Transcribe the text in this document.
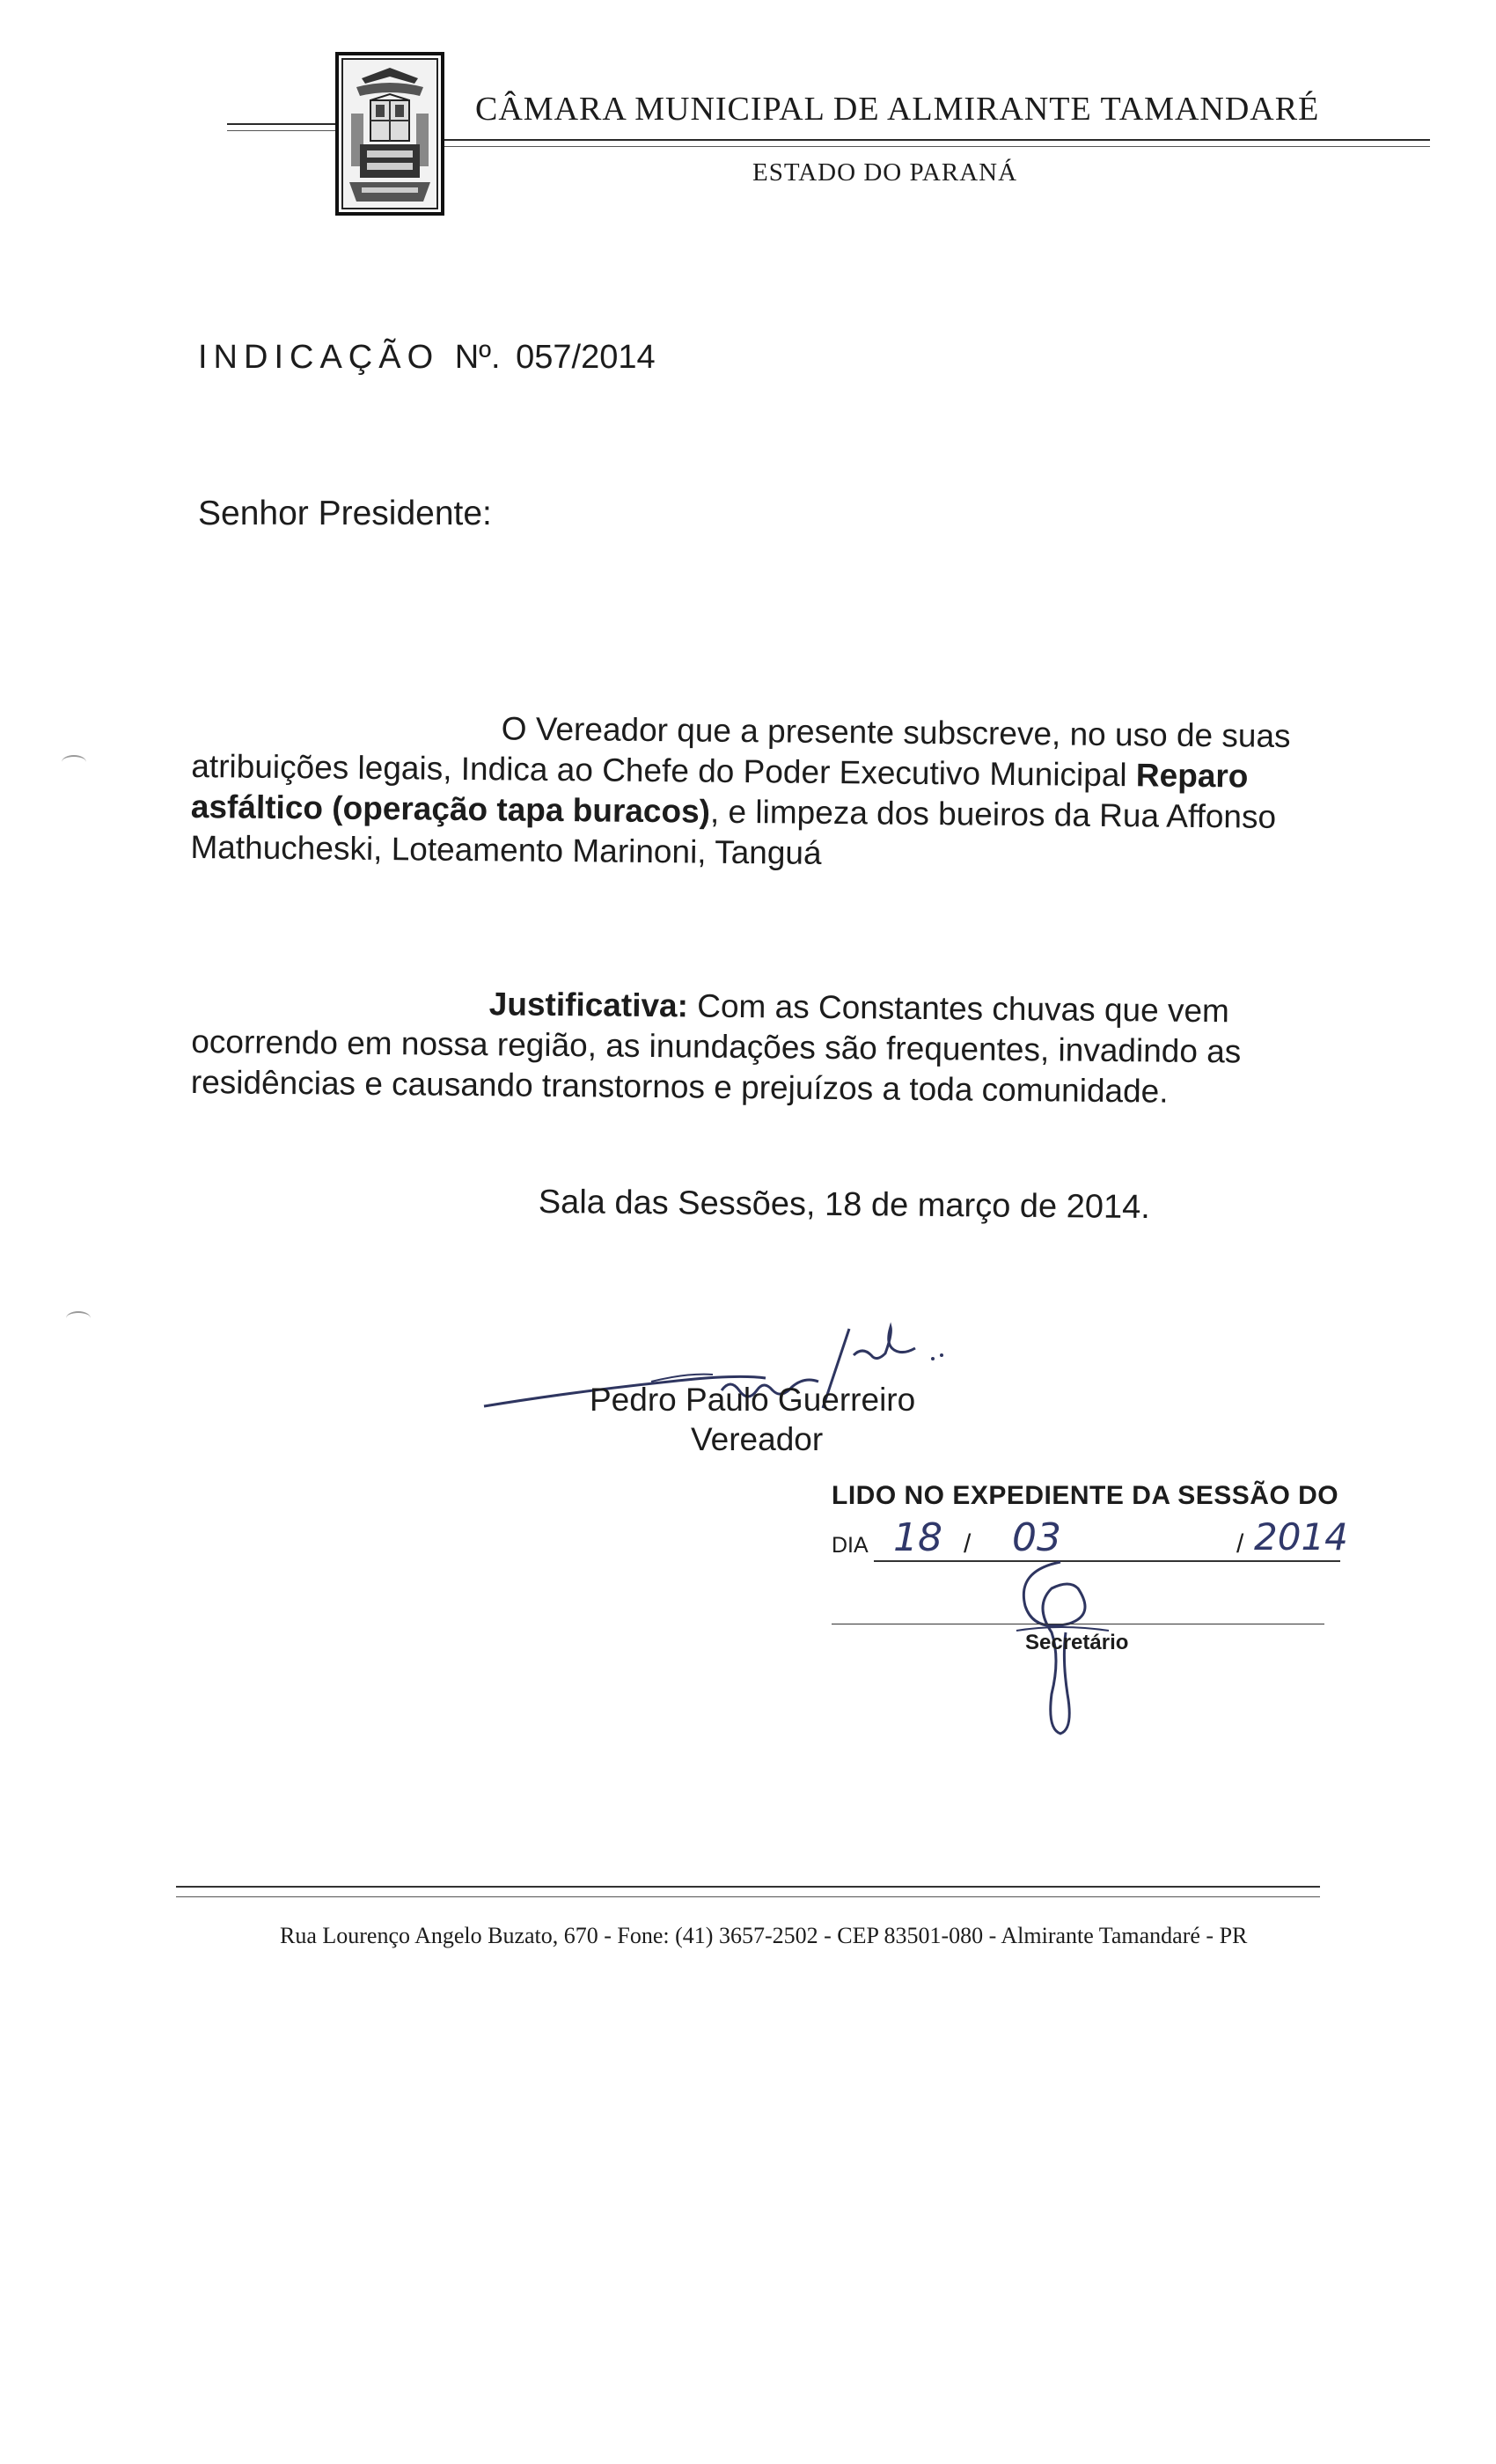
CÂMARA MUNICIPAL DE ALMIRANTE TAMANDARÉ
ESTADO DO PARANÁ
INDICAÇÃO Nº. 057/2014
Senhor Presidente:
O Vereador que a presente subscreve, no uso de suas
atribuições legais, Indica ao Chefe do Poder Executivo Municipal Reparo
asfáltico (operação tapa buracos), e limpeza dos bueiros da Rua Affonso
Mathucheski, Loteamento Marinoni, Tanguá
Justificativa: Com as Constantes chuvas que vem
ocorrendo em nossa região, as inundações são frequentes, invadindo as
residências e causando transtornos e prejuízos a toda comunidade.
Sala das Sessões, 18 de março de 2014.
Pedro Paulo Guerreiro
Vereador
LIDO NO EXPEDIENTE DA SESSÃO DO
DIA 18 / 03	/ 2014
Secretário
Rua Lourenço Angelo Buzato, 670 - Fone: (41) 3657-2502 - CEP 83501-080 - Almirante Tamandaré - PR
